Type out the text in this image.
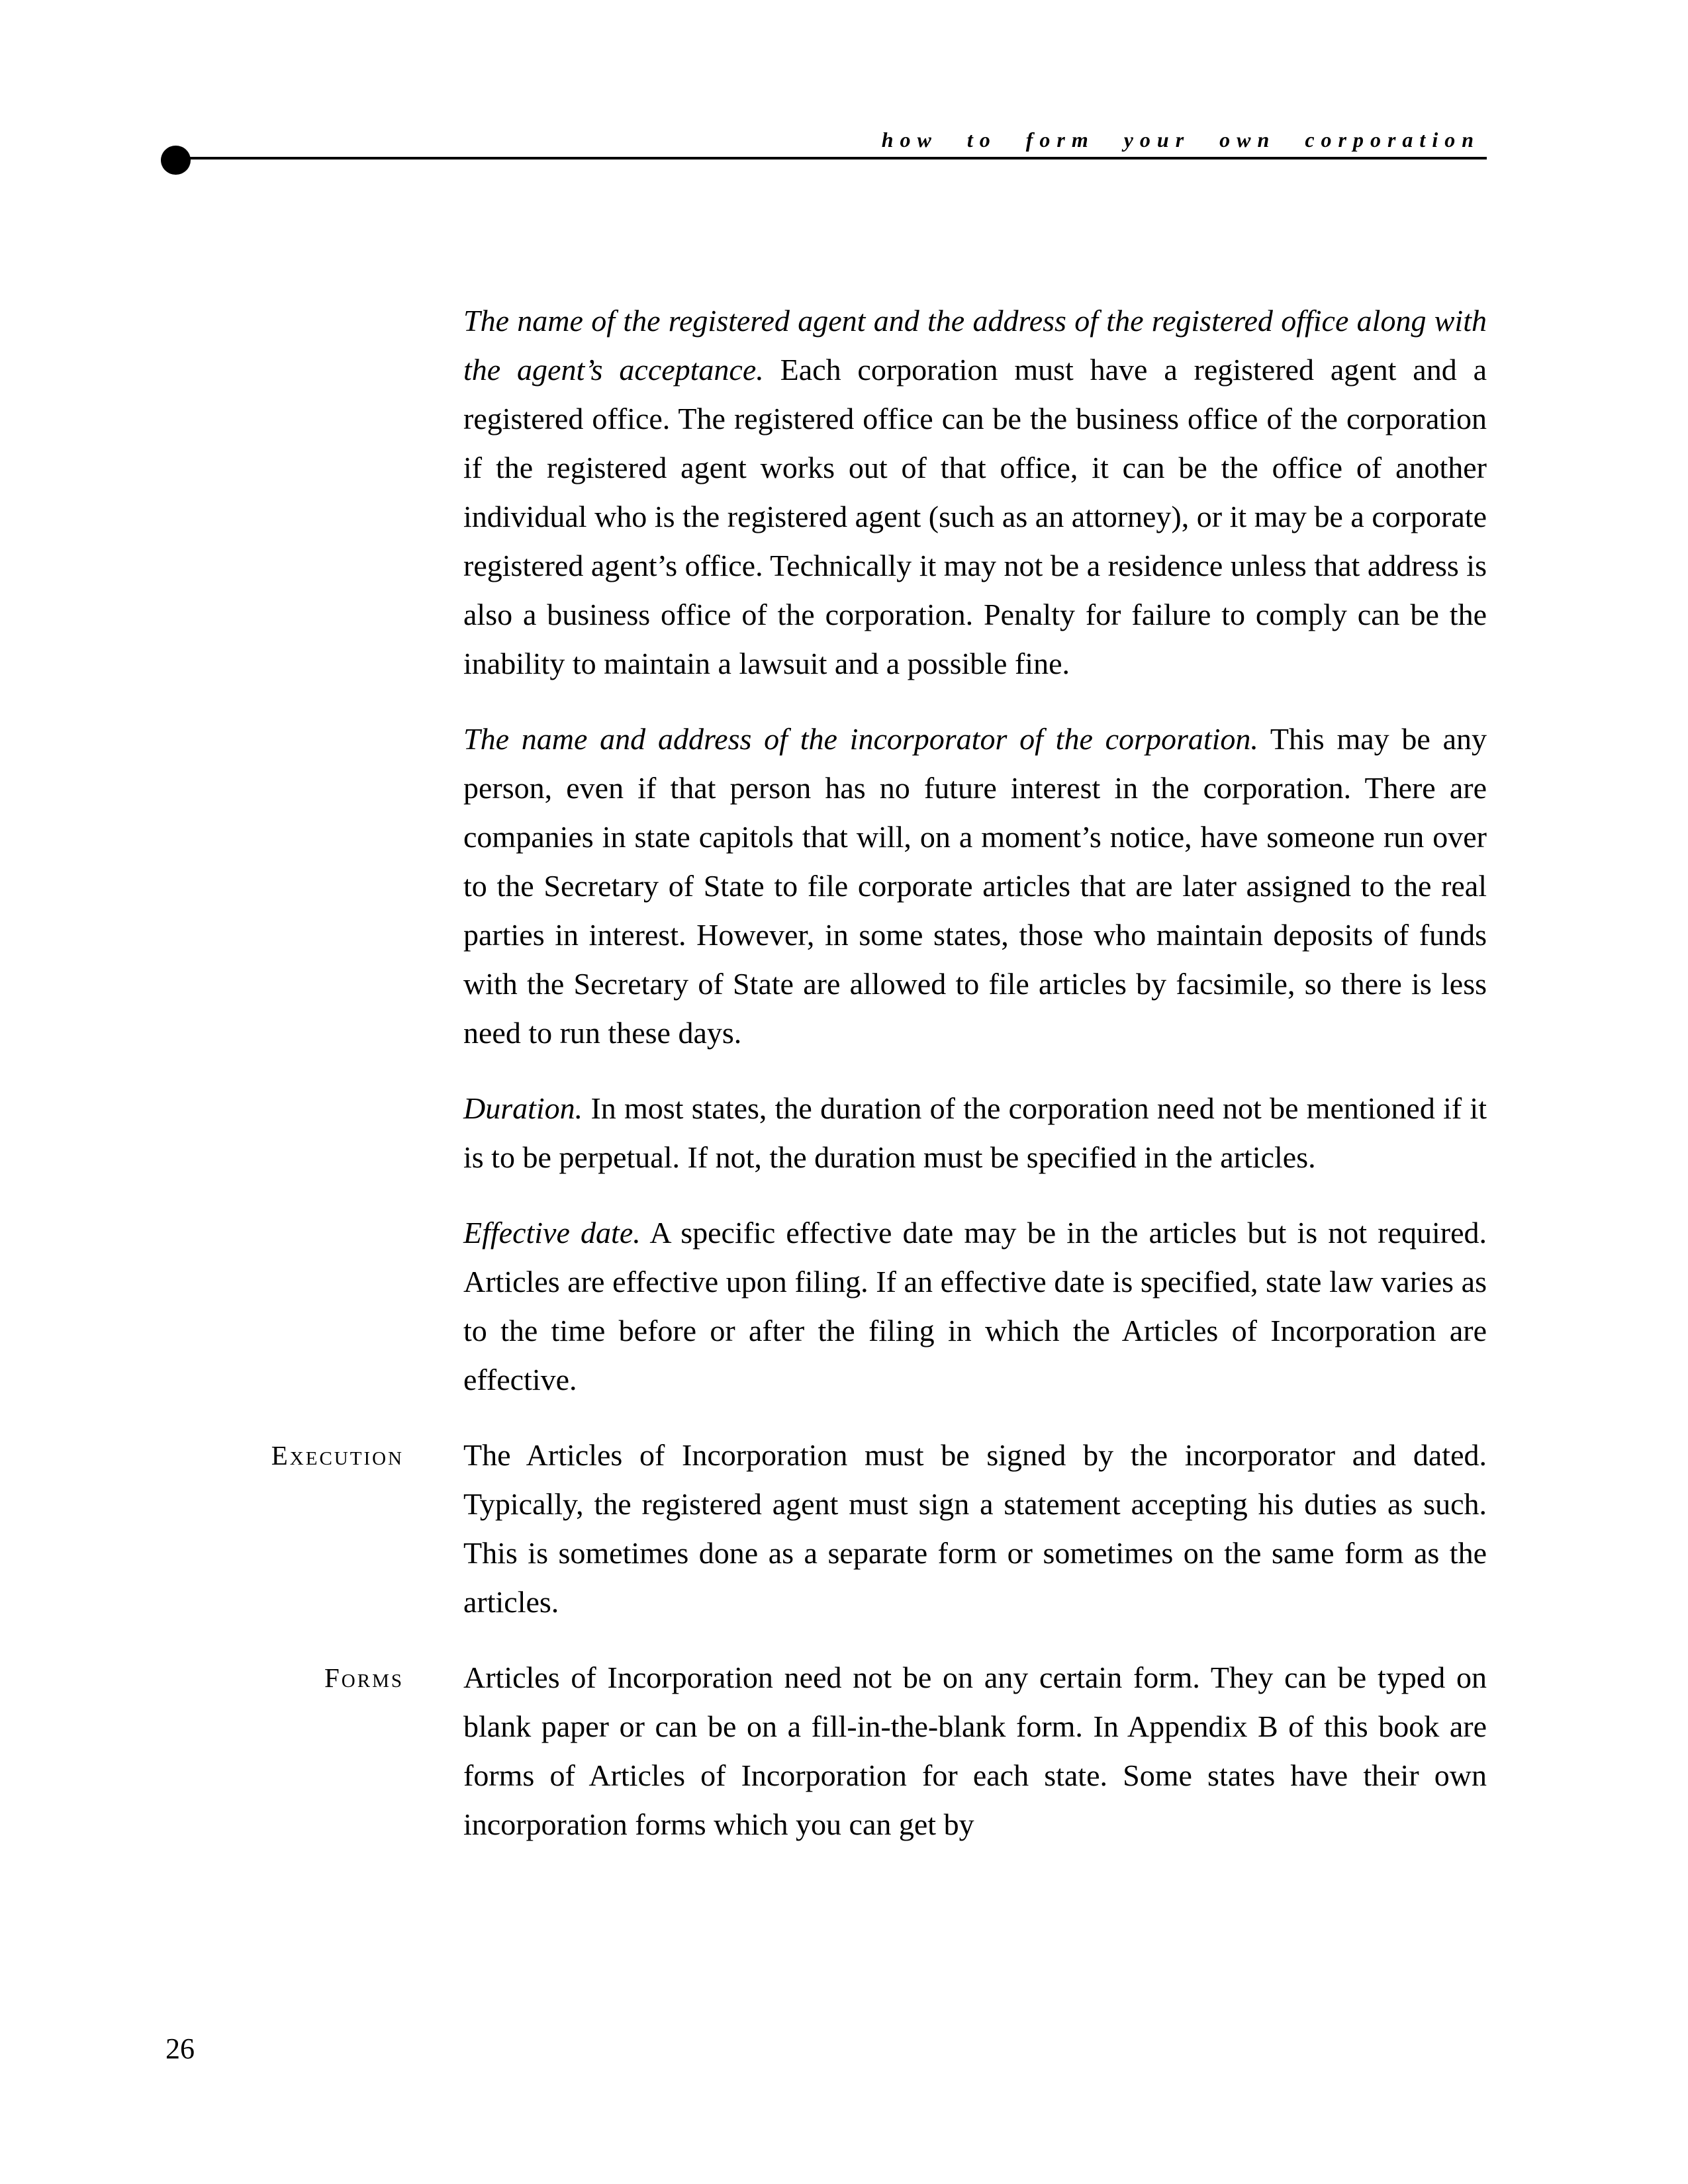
how to form your own corporation
The name of the registered agent and the address of the registered office along with the agent’s acceptance. Each corporation must have a registered agent and a registered office. The registered office can be the business office of the corporation if the registered agent works out of that office, it can be the office of another individual who is the registered agent (such as an attorney), or it may be a corporate registered agent’s office. Technically it may not be a residence unless that address is also a business office of the corporation. Penalty for failure to comply can be the inability to maintain a lawsuit and a possible fine.
The name and address of the incorporator of the corporation. This may be any person, even if that person has no future interest in the corporation. There are companies in state capitols that will, on a moment’s notice, have someone run over to the Secretary of State to file corporate articles that are later assigned to the real parties in interest. However, in some states, those who maintain deposits of funds with the Secretary of State are allowed to file articles by facsimile, so there is less need to run these days.
Duration. In most states, the duration of the corporation need not be mentioned if it is to be perpetual. If not, the duration must be specified in the articles.
Effective date. A specific effective date may be in the articles but is not required. Articles are effective upon filing. If an effective date is specified, state law varies as to the time before or after the filing in which the Articles of Incorporation are effective.
Execution The Articles of Incorporation must be signed by the incorporator and dated. Typically, the registered agent must sign a statement accepting his duties as such. This is sometimes done as a separate form or sometimes on the same form as the articles.
Forms Articles of Incorporation need not be on any certain form. They can be typed on blank paper or can be on a fill-in-the-blank form. In Appendix B of this book are forms of Articles of Incorporation for each state. Some states have their own incorporation forms which you can get by
26
